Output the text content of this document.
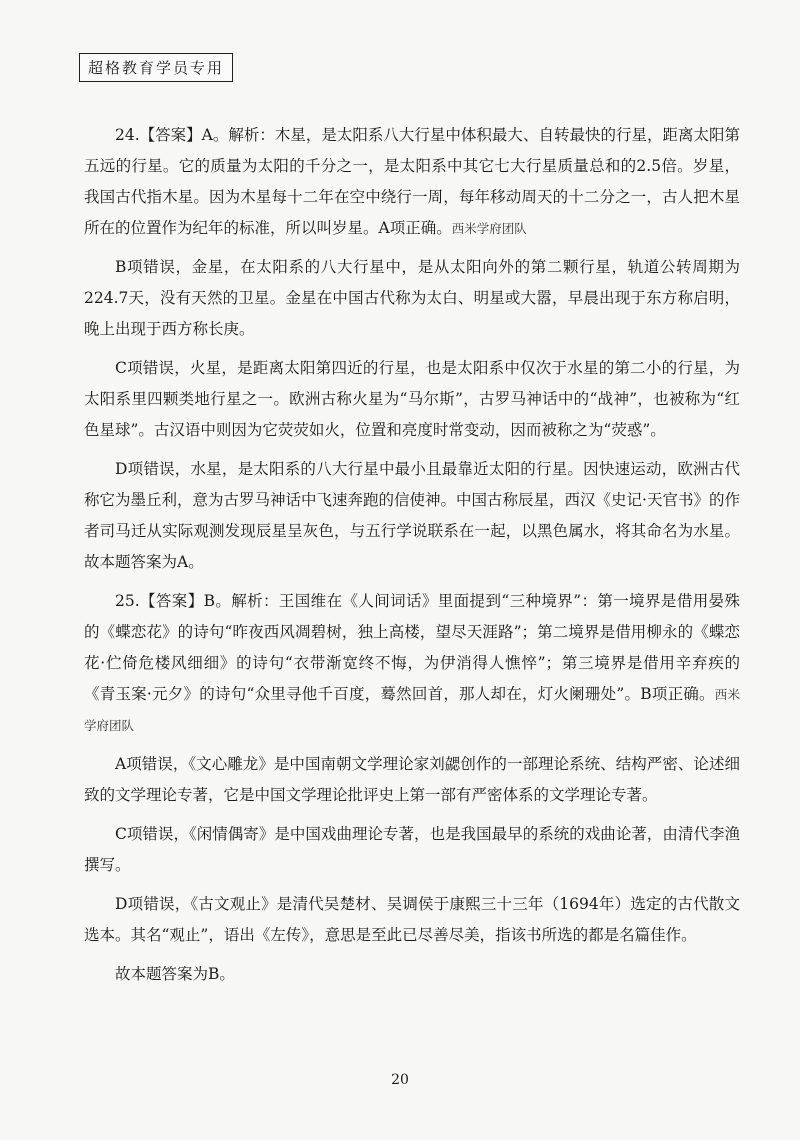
超格教育学员专用

24.【答案】A。解析：木星，是太阳系八大行星中体积最大、自转最快的行星，距离太阳第五远的行星。它的质量为太阳的千分之一，是太阳系中其它七大行星质量总和的2.5倍。岁星，我国古代指木星。因为木星每十二年在空中绕行一周，每年移动周天的十二分之一，古人把木星所在的位置作为纪年的标准，所以叫岁星。A项正确。西米学府团队

B项错误，金星，在太阳系的八大行星中，是从太阳向外的第二颗行星，轨道公转周期为224.7天，没有天然的卫星。金星在中国古代称为太白、明星或大嚣，早晨出现于东方称启明，晚上出现于西方称长庚。

C项错误，火星，是距离太阳第四近的行星，也是太阳系中仅次于水星的第二小的行星，为太阳系里四颗类地行星之一。欧洲古称火星为“马尔斯”，古罗马神话中的“战神”，也被称为“红色星球”。古汉语中则因为它荧荧如火，位置和亮度时常变动，因而被称之为“荧惑”。

D项错误，水星，是太阳系的八大行星中最小且最靠近太阳的行星。因快速运动，欧洲古代称它为墨丘利，意为古罗马神话中飞速奔跑的信使神。中国古称辰星，西汉《史记·天官书》的作者司马迁从实际观测发现辰星呈灰色，与五行学说联系在一起，以黑色属水，将其命名为水星。故本题答案为A。

25.【答案】B。解析：王国维在《人间词话》里面提到“三种境界”：第一境界是借用晏殊的《蝶恋花》的诗句“昨夜西风凋碧树，独上高楼，望尽天涯路”；第二境界是借用柳永的《蝶恋花·伫倚危楼风细细》的诗句“衣带渐宽终不悔，为伊消得人憔悴”；第三境界是借用辛弃疾的《青玉案·元夕》的诗句“众里寻他千百度，蓦然回首，那人却在，灯火阑珊处”。B项正确。西米学府团队

A项错误，《文心雕龙》是中国南朝文学理论家刘勰创作的一部理论系统、结构严密、论述细致的文学理论专著，它是中国文学理论批评史上第一部有严密体系的文学理论专著。

C项错误，《闲情偶寄》是中国戏曲理论专著，也是我国最早的系统的戏曲论著，由清代李渔撰写。

D项错误，《古文观止》是清代吴楚材、吴调侯于康熙三十三年（1694年）选定的古代散文选本。其名“观止”，语出《左传》，意思是至此已尽善尽美，指该书所选的都是名篇佳作。

故本题答案为B。

20
